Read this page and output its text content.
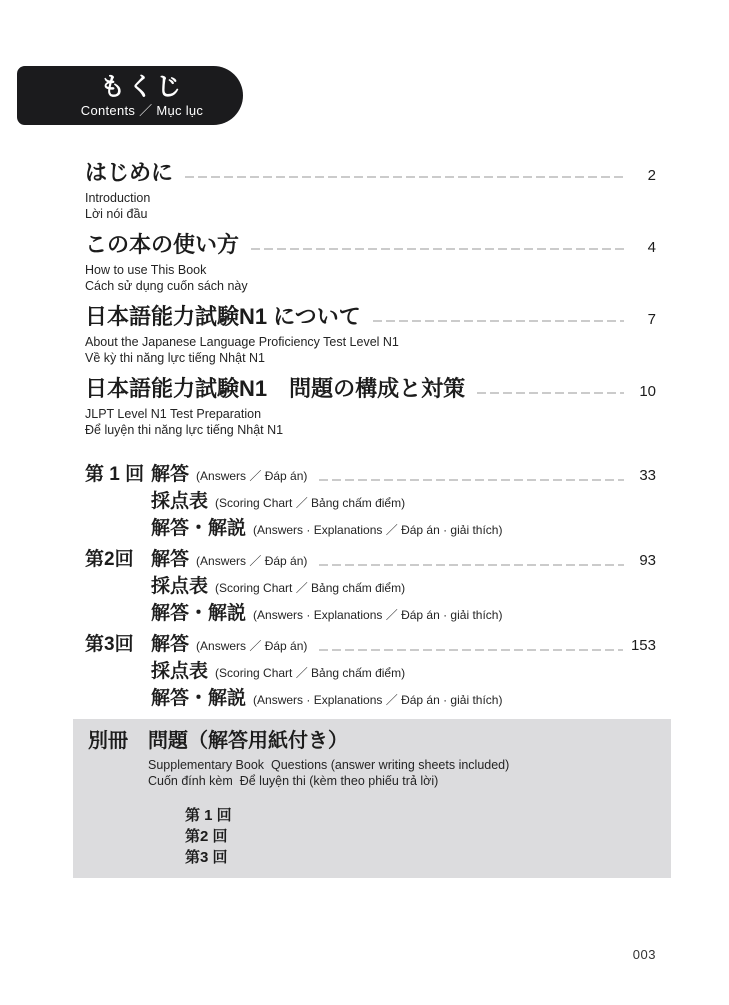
もくじ
Contents ／ Mục lục
はじめに	2
Introduction
Lời nói đầu
この本の使い方	4
How to use This Book
Cách sử dụng cuốn sách này
日本語能力試験N1 について	7
About the Japanese Language Proficiency Test Level N1
Về kỳ thi năng lực tiếng Nhật N1
日本語能力試験N1　問題の構成と対策	10
JLPT Level N1 Test Preparation
Để luyện thi năng lực tiếng Nhật N1
第 1 回 解答 (Answers ／ Đáp án)	33
採点表 (Scoring Chart ／ Bảng chấm điểm)
解答・解説 (Answers · Explanations ／ Đáp án · giải thích)
第2回 解答 (Answers ／ Đáp án)	93
採点表 (Scoring Chart ／ Bảng chấm điểm)
解答・解説 (Answers · Explanations ／ Đáp án · giải thích)
第3回 解答 (Answers ／ Đáp án)	153
採点表 (Scoring Chart ／ Bảng chấm điểm)
解答・解説 (Answers · Explanations ／ Đáp án · giải thích)
別冊	問題（解答用紙付き）
Supplementary Book  Questions (answer writing sheets included)
Cuốn đính kèm  Để luyện thi (kèm theo phiếu trả lời)
第 1 回
第2 回
第3 回
003
